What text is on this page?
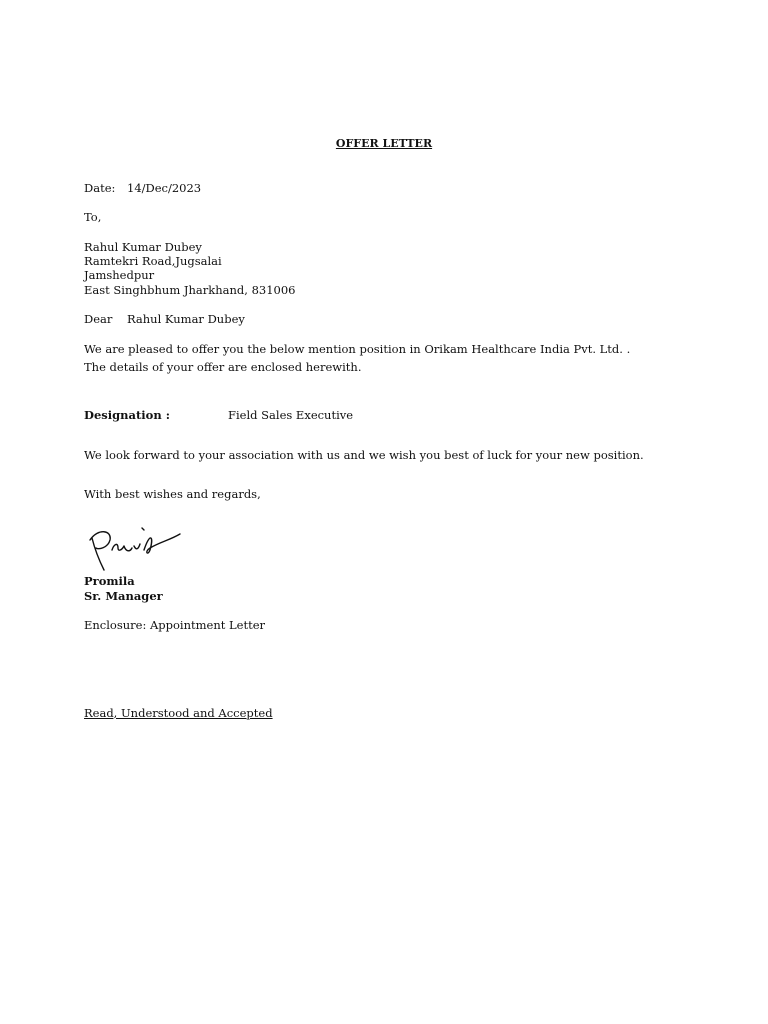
OFFER LETTER
Date: 14/Dec/2023
To,
Rahul Kumar Dubey
Ramtekri Road,Jugsalai
Jamshedpur
East Singhbhum Jharkhand, 831006
Dear Rahul Kumar Dubey
We are pleased to offer you the below mention position in Orikam Healthcare India Pvt. Ltd. .
The details of your offer are enclosed herewith.
Designation :	Field Sales Executive
We look forward to your association with us and we wish you best of luck for your new position.
With best wishes and regards,
Promila
Sr. Manager
Enclosure: Appointment Letter
Read, Understood and Accepted
